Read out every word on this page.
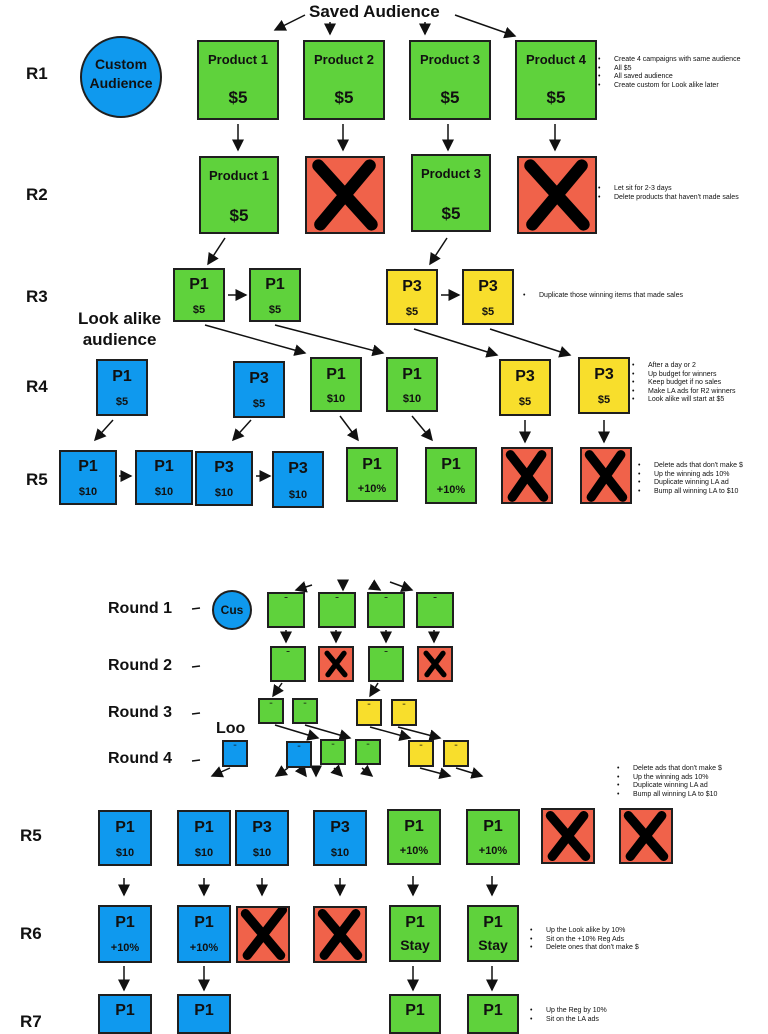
Saved Audience
R1
R2
R3
R4
R5
Custom
Audience
Product 1
$5
Product 2
$5
Product 3
$5
Product 4
$5
• Create 4 campaigns with same audience
• All $5
• All saved audience
• Create custom for Look alike later
Product 1
$5
Product 3
$5
• Let sit for 2-3 days
• Delete products that haven't made sales
P1
$5
P1
$5
P3
$5
P3
$5
• Duplicate those winning items that made sales
Look alike
audience
P1
$5
P3
$5
P1
$10
P1
$10
P3
$5
P3
$5
• After a day or 2
• Up budget for winners
• Keep budget if no sales
• Make LA ads for R2 winners
• Look alike will start at $5
P1
$10
P1
$10
P3
$10
P3
$10
P1
+10%
P1
+10%
• Delete ads that don't make $
• Up the winning ads 10%
• Duplicate winning LA ad
• Bump all winning LA to $10
Round 1
Round 2
Round 3
Round 4
Cus
ˉ	ˉ	ˉ	ˉ
ˉ	ˉ
ˉ	ˉ	ˉ	ˉ
Loo
ˉ	ˉ	ˉ	ˉ	ˉ	ˉ
• Delete ads that don't make $
• Up the winning ads 10%
• Duplicate winning LA ad
• Bump all winning LA to $10
R5	P1
$10
P1
$10
P3
$10
P3
$10
P1
+10%
P1
+10%
R6
P1
+10%
P1
+10%
P1
Stay
P1
Stay
• Up the Look alike by 10%
• Sit on the +10% Reg Ads
• Delete ones that don't make $
R7
P1	P1	P1	P1
•	Up the Reg by 10%
• Sit on the LA ads
